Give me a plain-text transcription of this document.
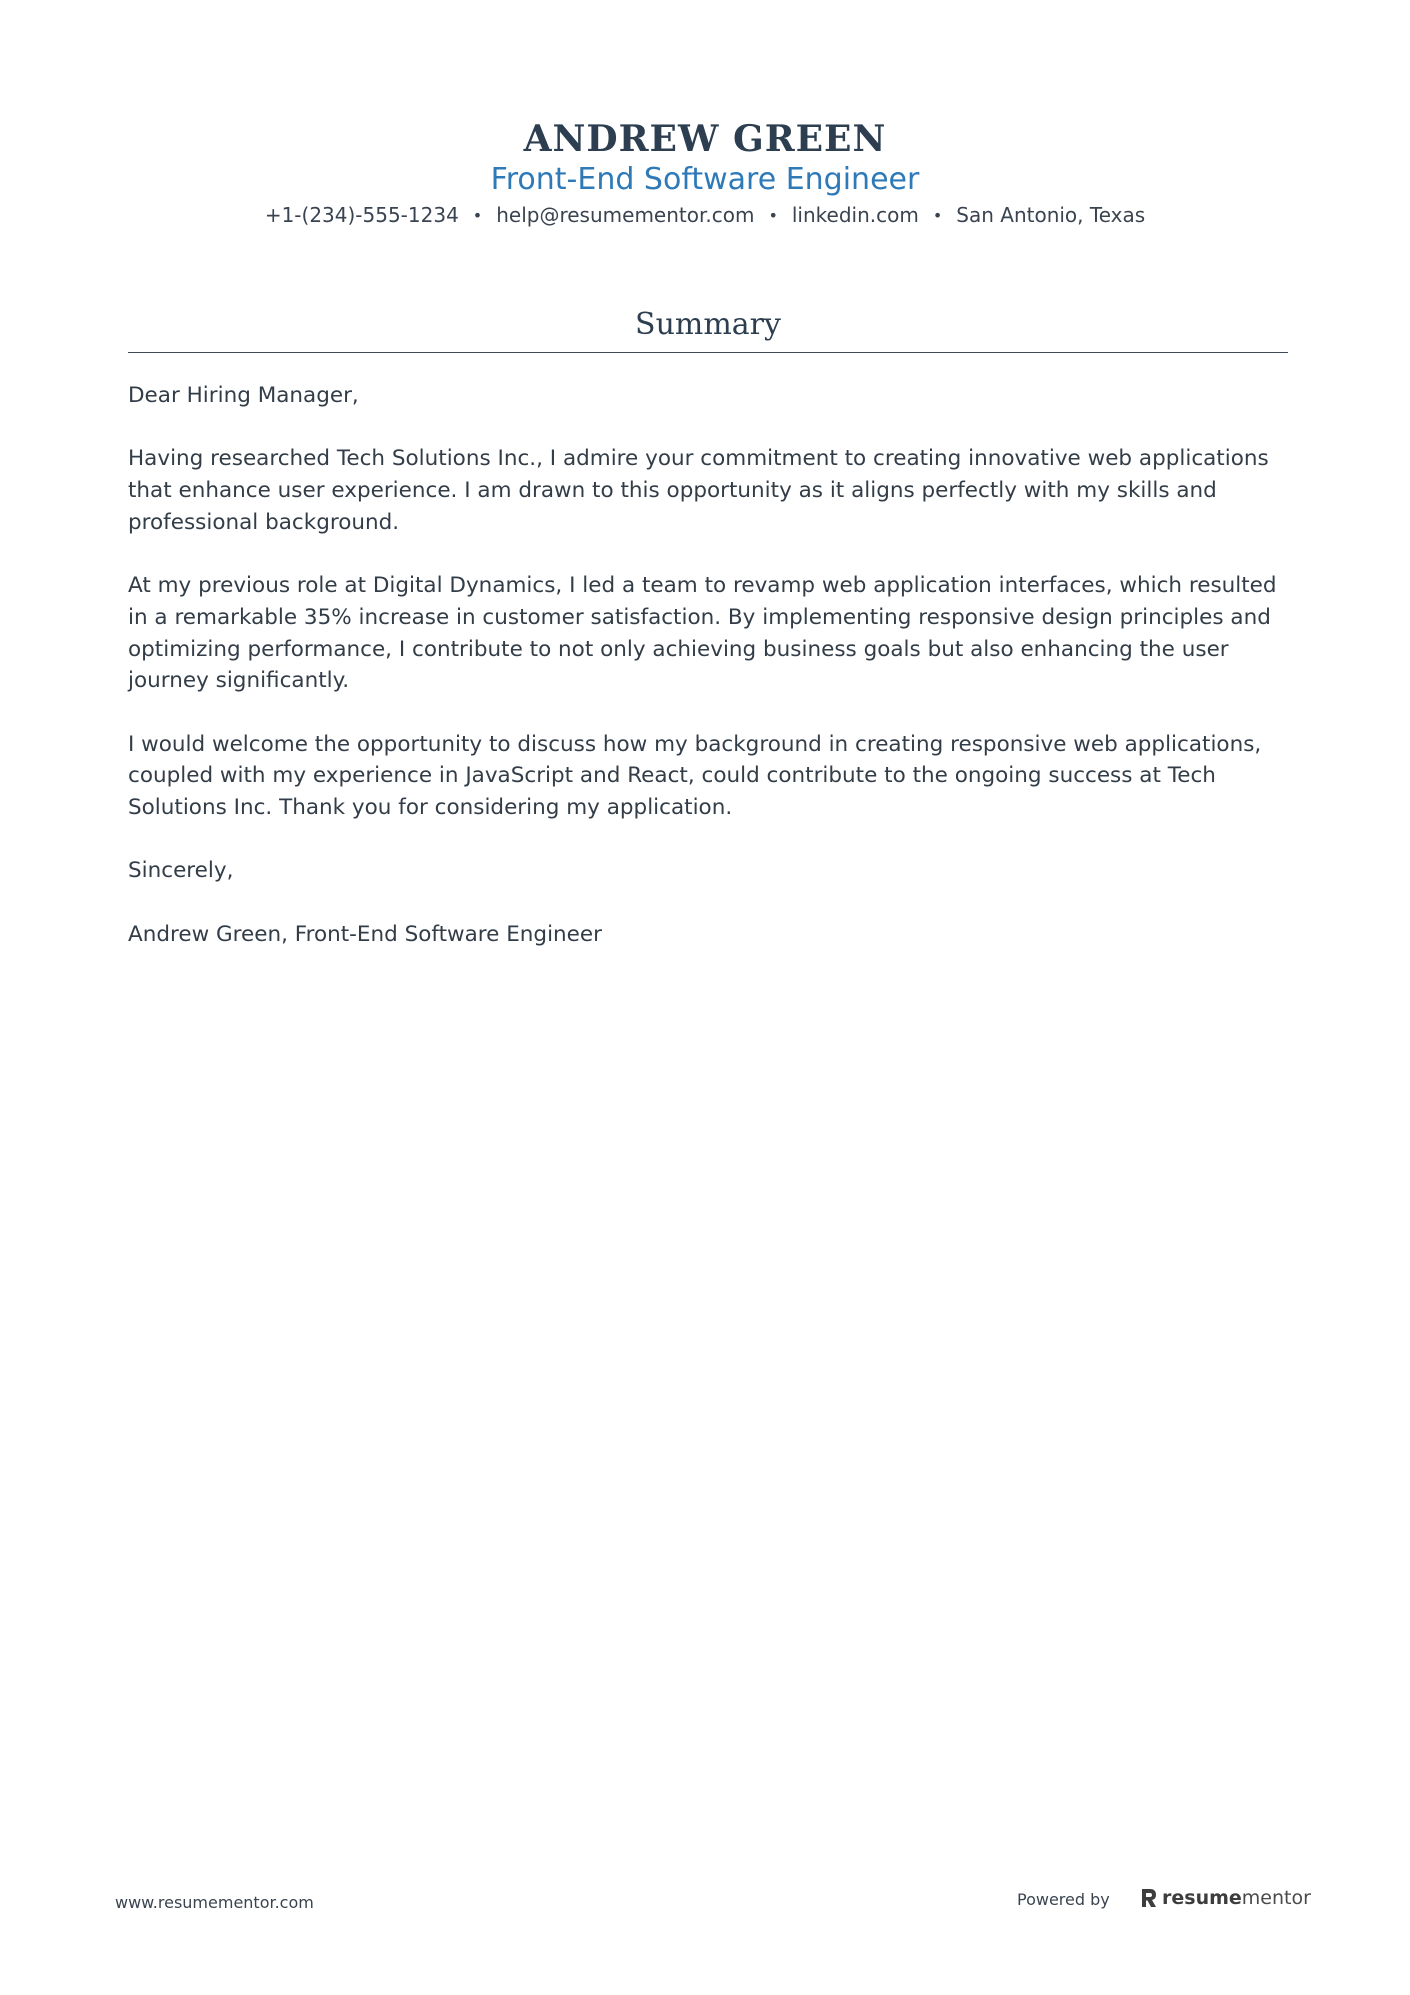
ANDREW GREEN
Front-End Software Engineer
+1-(234)-555-1234 • help@resumementor.com • linkedin.com • San Antonio, Texas
Summary

Dear Hiring Manager,

Having researched Tech Solutions Inc., I admire your commitment to creating innovative web applications that enhance user experience. I am drawn to this opportunity as it aligns perfectly with my skills and professional background.

At my previous role at Digital Dynamics, I led a team to revamp web application interfaces, which resulted in a remarkable 35% increase in customer satisfaction. By implementing responsive design principles and optimizing performance, I contribute to not only achieving business goals but also enhancing the user journey significantly.

I would welcome the opportunity to discuss how my background in creating responsive web applications, coupled with my experience in JavaScript and React, could contribute to the ongoing success at Tech Solutions Inc. Thank you for considering my application.

Sincerely,

Andrew Green, Front-End Software Engineer

www.resumementor.com	Powered by	resume mentor
